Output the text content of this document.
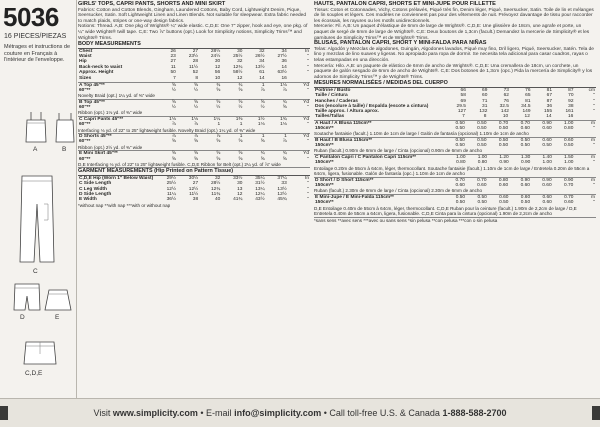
5036
16 PIECES/PIEZAS
Métrages et instructions de couture en Français à l'intérieur de l'enveloppe.
A	B
C
D	E
C,D,E
GIRLS' TOPS, CAPRI PANTS, SHORTS AND MINI SKIRT

Fabrics: Cotton and Cotton Blends, Gingham, Laundered Cottons, Baby Cord, Lightweight Denim, Pique, Seersucker, Satin. Soft Lightweight Linen and Linen Blends. Not suitable for sleepwear. Extra fabric needed to match plaids, stripes or one-way design fabrics.

Notions: Thread. A,B: One pkg of Wrights® ¼" wide elastic. C,D,E: One 7" zipper, hook and eye, one pkg. of ¼" wide Wrights® twill tape. C,E: Two ⅞" buttons (opt.) Look for Simplicity notions, Simplicity Trims™ and Wrights® Trims.

BODY MEASUREMENTS
Chest	26	27	28½	30	32	34	In
Waist	23	23½	24½	25½	26½	27½	"
Hip	27	28	30	32	34	36	"
Back-neck to waist	11	11½	12	12¾	13½	14	"
Approx. Height	50	52	56	58½	61	63½	"
Sizes	7	8	10	12	14	16	
A Top 45"**	⅝	⅝	¾	¾	1	1⅛	Yd
60"**	½	½	⅝	⅝	⅞	⅞	"
Novelty Braid (opt.) 1¼ yd. of ⅜" wide
B Top 45"**	⅝	⅝	⅝	⅝	⅝	¾	Yd
60"**	½	½	½	½	½	⅝	"
Ribbon (opt.) 1⅛ yd. of ⅜" wide
C Capri Pants 45"**	1⅛	1⅛	1¼	1⅜	1½	1¾	Yd
60"**	⅞	⅞	1	1	1⅛	1⅛	"
Interfacing ⅛ yd. of 22" to 25" lightweight fusible. Novelty Braid (opt.) 1¼ yd. of ⅜" wide
D Shorts 45"**	⅞	⅞	⅞	1	1	1	Yd
60"**	⅝	⅝	⅝	⅝	⅝	⅞	"
Ribbon (opt.) 2½ yd. of ⅜" wide
E Mini Skirt 45"**	⅝	⅝	⅝	⅝	¾	¾	Yd
60"**	⅝	⅝	⅝	⅝	⅝	⅝	"
D,E Interfacing ⅛ yd. of 22" to 25" lightweight fusible. C,D,E Ribbon for Belt (opt.) 2¼ yd. of ⅞" wide
GARMENT MEASUREMENTS (Hip Printed on Pattern Tissue)
C,D,E Hip (Worn 1" Below Waist)	29½	30½	32	33½	35¼	37¼	In
C Side Length	25½	27	28½	30	31½	33	"
C Leg Width	12½	12½	12¾	13	13¼	13½	"
D Side Length	11¼	11½	11¾	12	12¼	12½	"
E Width	36½	38	40	41¾	43½	45¾	"
*without nap **with nap ***with or without nap
HAUTS, PANTALON CAPRI, SHORTS ET MINI-JUPE POUR FILLETTE

Tissus: Coton et Cotonnades, Vichy, Cotons prélavés, Piqué très fin, Denim léger, Piqué, Seersucker, Satin. Toile de lin et mélanges de lin souples et légers. Ces modèles ne conviennent pas pour des vêtements de nuit. Prévoyez davantage de tissu pour raccorder les écossais, les rayures ou les motifs unidirectionnels.

Mercerie: Fil. A,B: Un paquet d'élastique de 6mm de large de Wrights®. C,D,E: Une glissière de 18cm, une agrafe et porte, un paquet de sergé de 6mm de large de Wrights®. C,E: Deux boutons de 1,3cm (facult.) Demandez la mercerie de Simplicity® et les garnitures de Simplicity Trims™ et de Wrights® Trims.

BLUSAS, PANTALON CAPRI, SHORT Y MINI-FALDA PARA NIÑAS

Telas: Algodón y Mezclas de algodones, Guingán, Algodones lavados, Piqué muy fino, Dril ligero, Piqué, Seersucker, Satén. Tela de lino y mezclas de lino suaves y ligeras. No apropiado para ropa de dormir. Se necesita tela adicional para casar cuadros, rayas o telas estampadas en una dirección.

Mercería: Hilo. A,B: un paquete de elástico de 6mm de ancho de Wrights®. C,D,E: Una cremallera de 18cm, un corchete, un paquete de galón sesgado de 6mm de ancho de Wrights®. C,E: Dos botones de 1,3cm (opc.) Pida la mercería de Simplicity® y los adornos de Simplicity Trims™ y de Wrights® Trims.

MESURES NORMALISÉES / MEDIDAS DEL CUERPO
Poitrine / Busto	66	69	73	76	81	87	cm
Taille / Cintura	58	60	62	65	67	70	"
Hanches / Caderas	69	71	76	81	87	92	"
Dos (encolure à taille) / Espalda (escote a cintura)	29.5	31	32.5	34.5	36	38	"
Taille approx. / Altura aprox.	127	132	142	149	155	161	"
Tailles/Tallas	7	8	10	12	14	16	
A Haut / A Blusa 115cm**	0.50	0.50	0.70	0.70	0.90	1.00	m
150cm**	0.50	0.50	0.50	0.60	0.60	0.80	"
Soutache fantaisie (facult.) 1.10m de 1cm de large / Galón de fantasía (opcional) 1.10m de 1cm de ancho
B Haut / B Blusa 115cm**	0.50	0.50	0.50	0.50	0.60	0.60	m
150cm**	0.50	0.50	0.50	0.50	0.50	0.50	"
Ruban (facult.) 0.90m de 6mm de large / Cinta (opcional) 0.90m de 6mm de ancho
C Pantalon Capri / C Pantalon Capri 115cm**	1.00	1.00	1.20	1.30	1.40	1.50	m
150cm**	0.80	0.80	0.90	0.90	1.00	1.00	"
Entoilage 0.20m de 55cm à 64cm, léger, thermocollant. Soutache fantaisie (facult.) 1.10m de 1cm de large / Entretela 0.20m de 55cm a 64cm, ligera, fusionable. Galón de fantasía (opc.) 1.10m de 1cm de ancho
D Short / D Short 115cm**	0.70	0.70	0.80	0.90	0.90	0.90	m
150cm**	0.60	0.60	0.60	0.60	0.60	0.70	"
Ruban (facult.) 2.30m de 6mm de large / Cinta (opcional) 2.30m de 6mm de ancho
E Mini-Jupe / E Mini-Falda 115cm**	0.50	0.50	0.60	0.60	0.60	0.70	m
150cm**	0.50	0.50	0.50	0.50	0.60	0.60	"
D,E Entoilage 0.40m de 55cm à 64cm, léger, thermocollant. C,D,E Ruban pour la ceinture (facult.) 1.90m de 2,2cm de large / D,E Entretela 0.40m de 55cm a 64cm, ligera, fusionable. C,D,E Cinta para la cintura (opcional) 1.90m de 2,2cm de ancho
*sans sens **avec sens ***avec ou sans sens *sin pelusa **con pelusa ***con o sin pelusa
Visit www.simplicity.com • E-mail info@simplicity.com • Call toll-free U.S. & Canada 1-888-588-2700
